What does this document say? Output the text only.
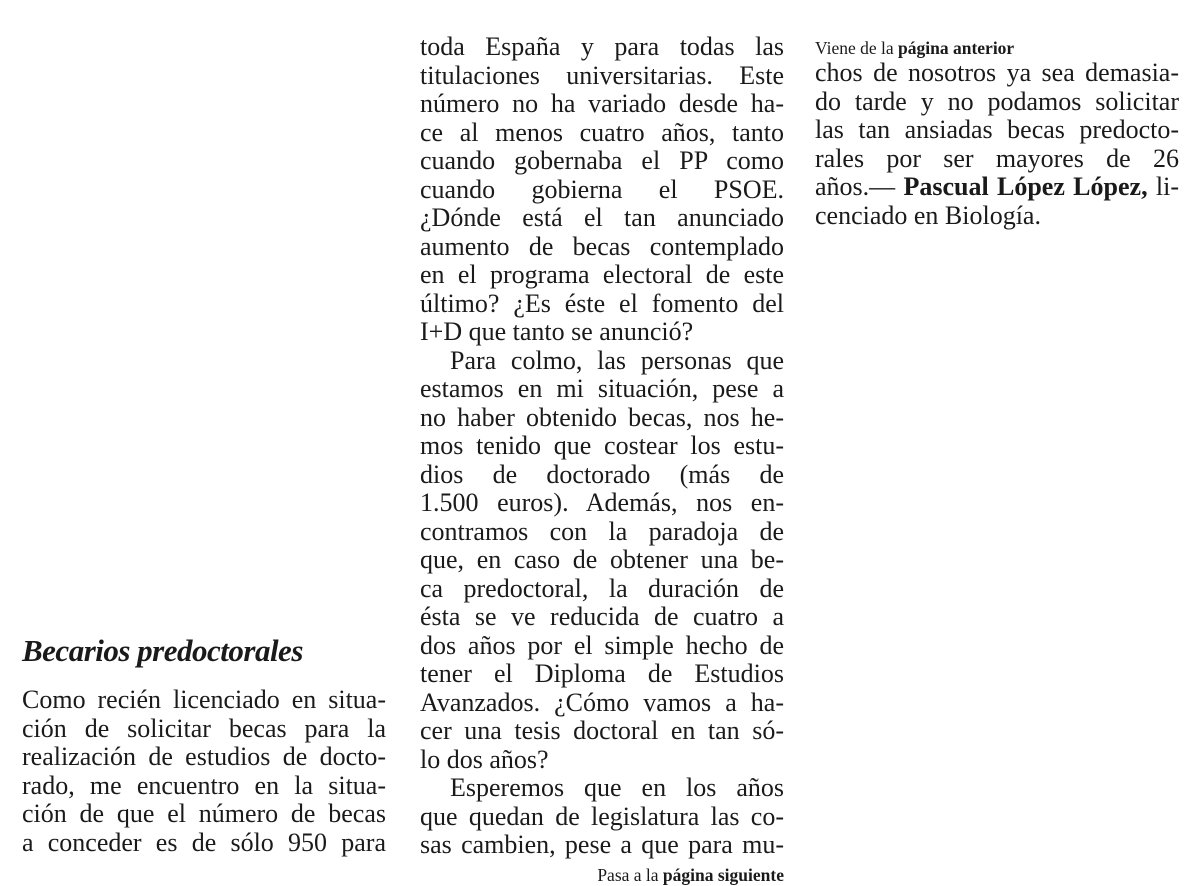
Becarios predoctorales
Como recién licenciado en situa-
ción de solicitar becas para la
realización de estudios de docto-
rado, me encuentro en la situa-
ción de que el número de becas
a conceder es de sólo 950 para
toda España y para todas las
titulaciones universitarias. Este
número no ha variado desde ha-
ce al menos cuatro años, tanto
cuando gobernaba el PP como
cuando gobierna el PSOE.
¿Dónde está el tan anunciado
aumento de becas contemplado
en el programa electoral de este
último? ¿Es éste el fomento del
I+D que tanto se anunció?
Para colmo, las personas que
estamos en mi situación, pese a
no haber obtenido becas, nos he-
mos tenido que costear los estu-
dios de doctorado (más de
1.500 euros). Además, nos en-
contramos con la paradoja de
que, en caso de obtener una be-
ca predoctoral, la duración de
ésta se ve reducida de cuatro a
dos años por el simple hecho de
tener el Diploma de Estudios
Avanzados. ¿Cómo vamos a ha-
cer una tesis doctoral en tan só-
lo dos años?
Esperemos que en los años
que quedan de legislatura las co-
sas cambien, pese a que para mu-
Pasa a la página siguiente
Viene de la página anterior
chos de nosotros ya sea demasia-
do tarde y no podamos solicitar
las tan ansiadas becas predocto-
rales por ser mayores de 26
años.— Pascual López López, li-
cenciado en Biología.
